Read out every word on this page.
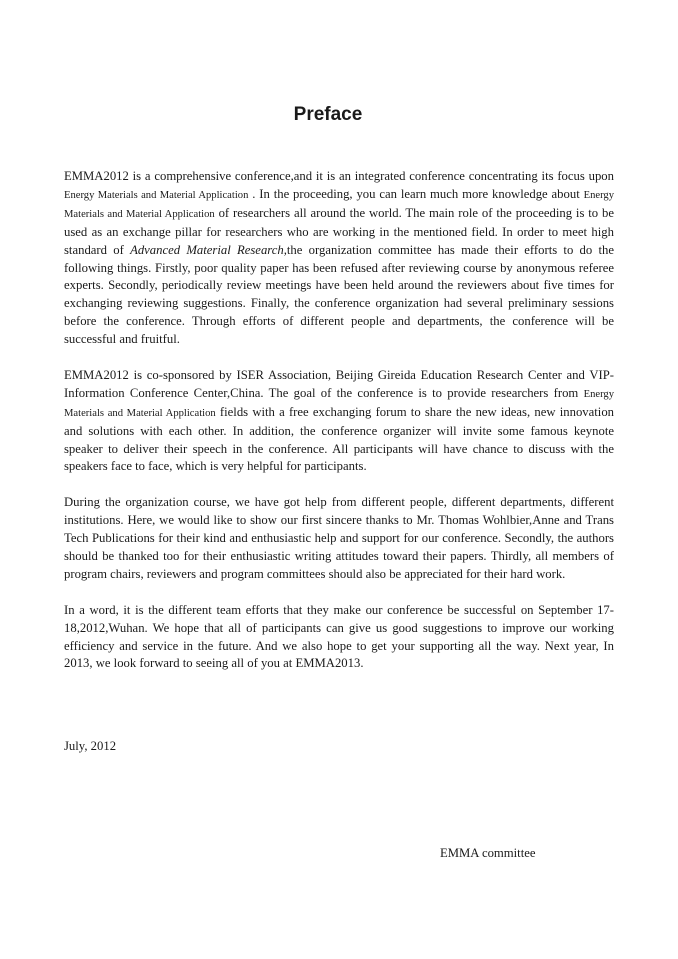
Preface

EMMA2012 is a comprehensive conference,and it is an integrated conference concentrating its focus upon Energy Materials and Material Application . In the proceeding, you can learn much more knowledge about Energy Materials and Material Application of researchers all around the world. The main role of the proceeding is to be used as an exchange pillar for researchers who are working in the mentioned field. In order to meet high standard of Advanced Material Research,the organization committee has made their efforts to do the following things. Firstly, poor quality paper has been refused after reviewing course by anonymous referee experts. Secondly, periodically review meetings have been held around the reviewers about five times for exchanging reviewing suggestions. Finally, the conference organization had several preliminary sessions before the conference. Through efforts of different people and departments, the conference will be successful and fruitful.

EMMA2012 is co-sponsored by ISER Association, Beijing Gireida Education Research Center and VIP-Information Conference Center,China. The goal of the conference is to provide researchers from Energy Materials and Material Application fields with a free exchanging forum to share the new ideas, new innovation and solutions with each other. In addition, the conference organizer will invite some famous keynote speaker to deliver their speech in the conference. All participants will have chance to discuss with the speakers face to face, which is very helpful for participants.

During the organization course, we have got help from different people, different departments, different institutions. Here, we would like to show our first sincere thanks to Mr. Thomas Wohlbier,Anne and Trans Tech Publications for their kind and enthusiastic help and support for our conference. Secondly, the authors should be thanked too for their enthusiastic writing attitudes toward their papers. Thirdly, all members of program chairs, reviewers and program committees should also be appreciated for their hard work.

In a word, it is the different team efforts that they make our conference be successful on September 17-18,2012,Wuhan. We hope that all of participants can give us good suggestions to improve our working efficiency and service in the future. And we also hope to get your supporting all the way. Next year, In 2013, we look forward to seeing all of you at EMMA2013.

July, 2012
EMMA committee
